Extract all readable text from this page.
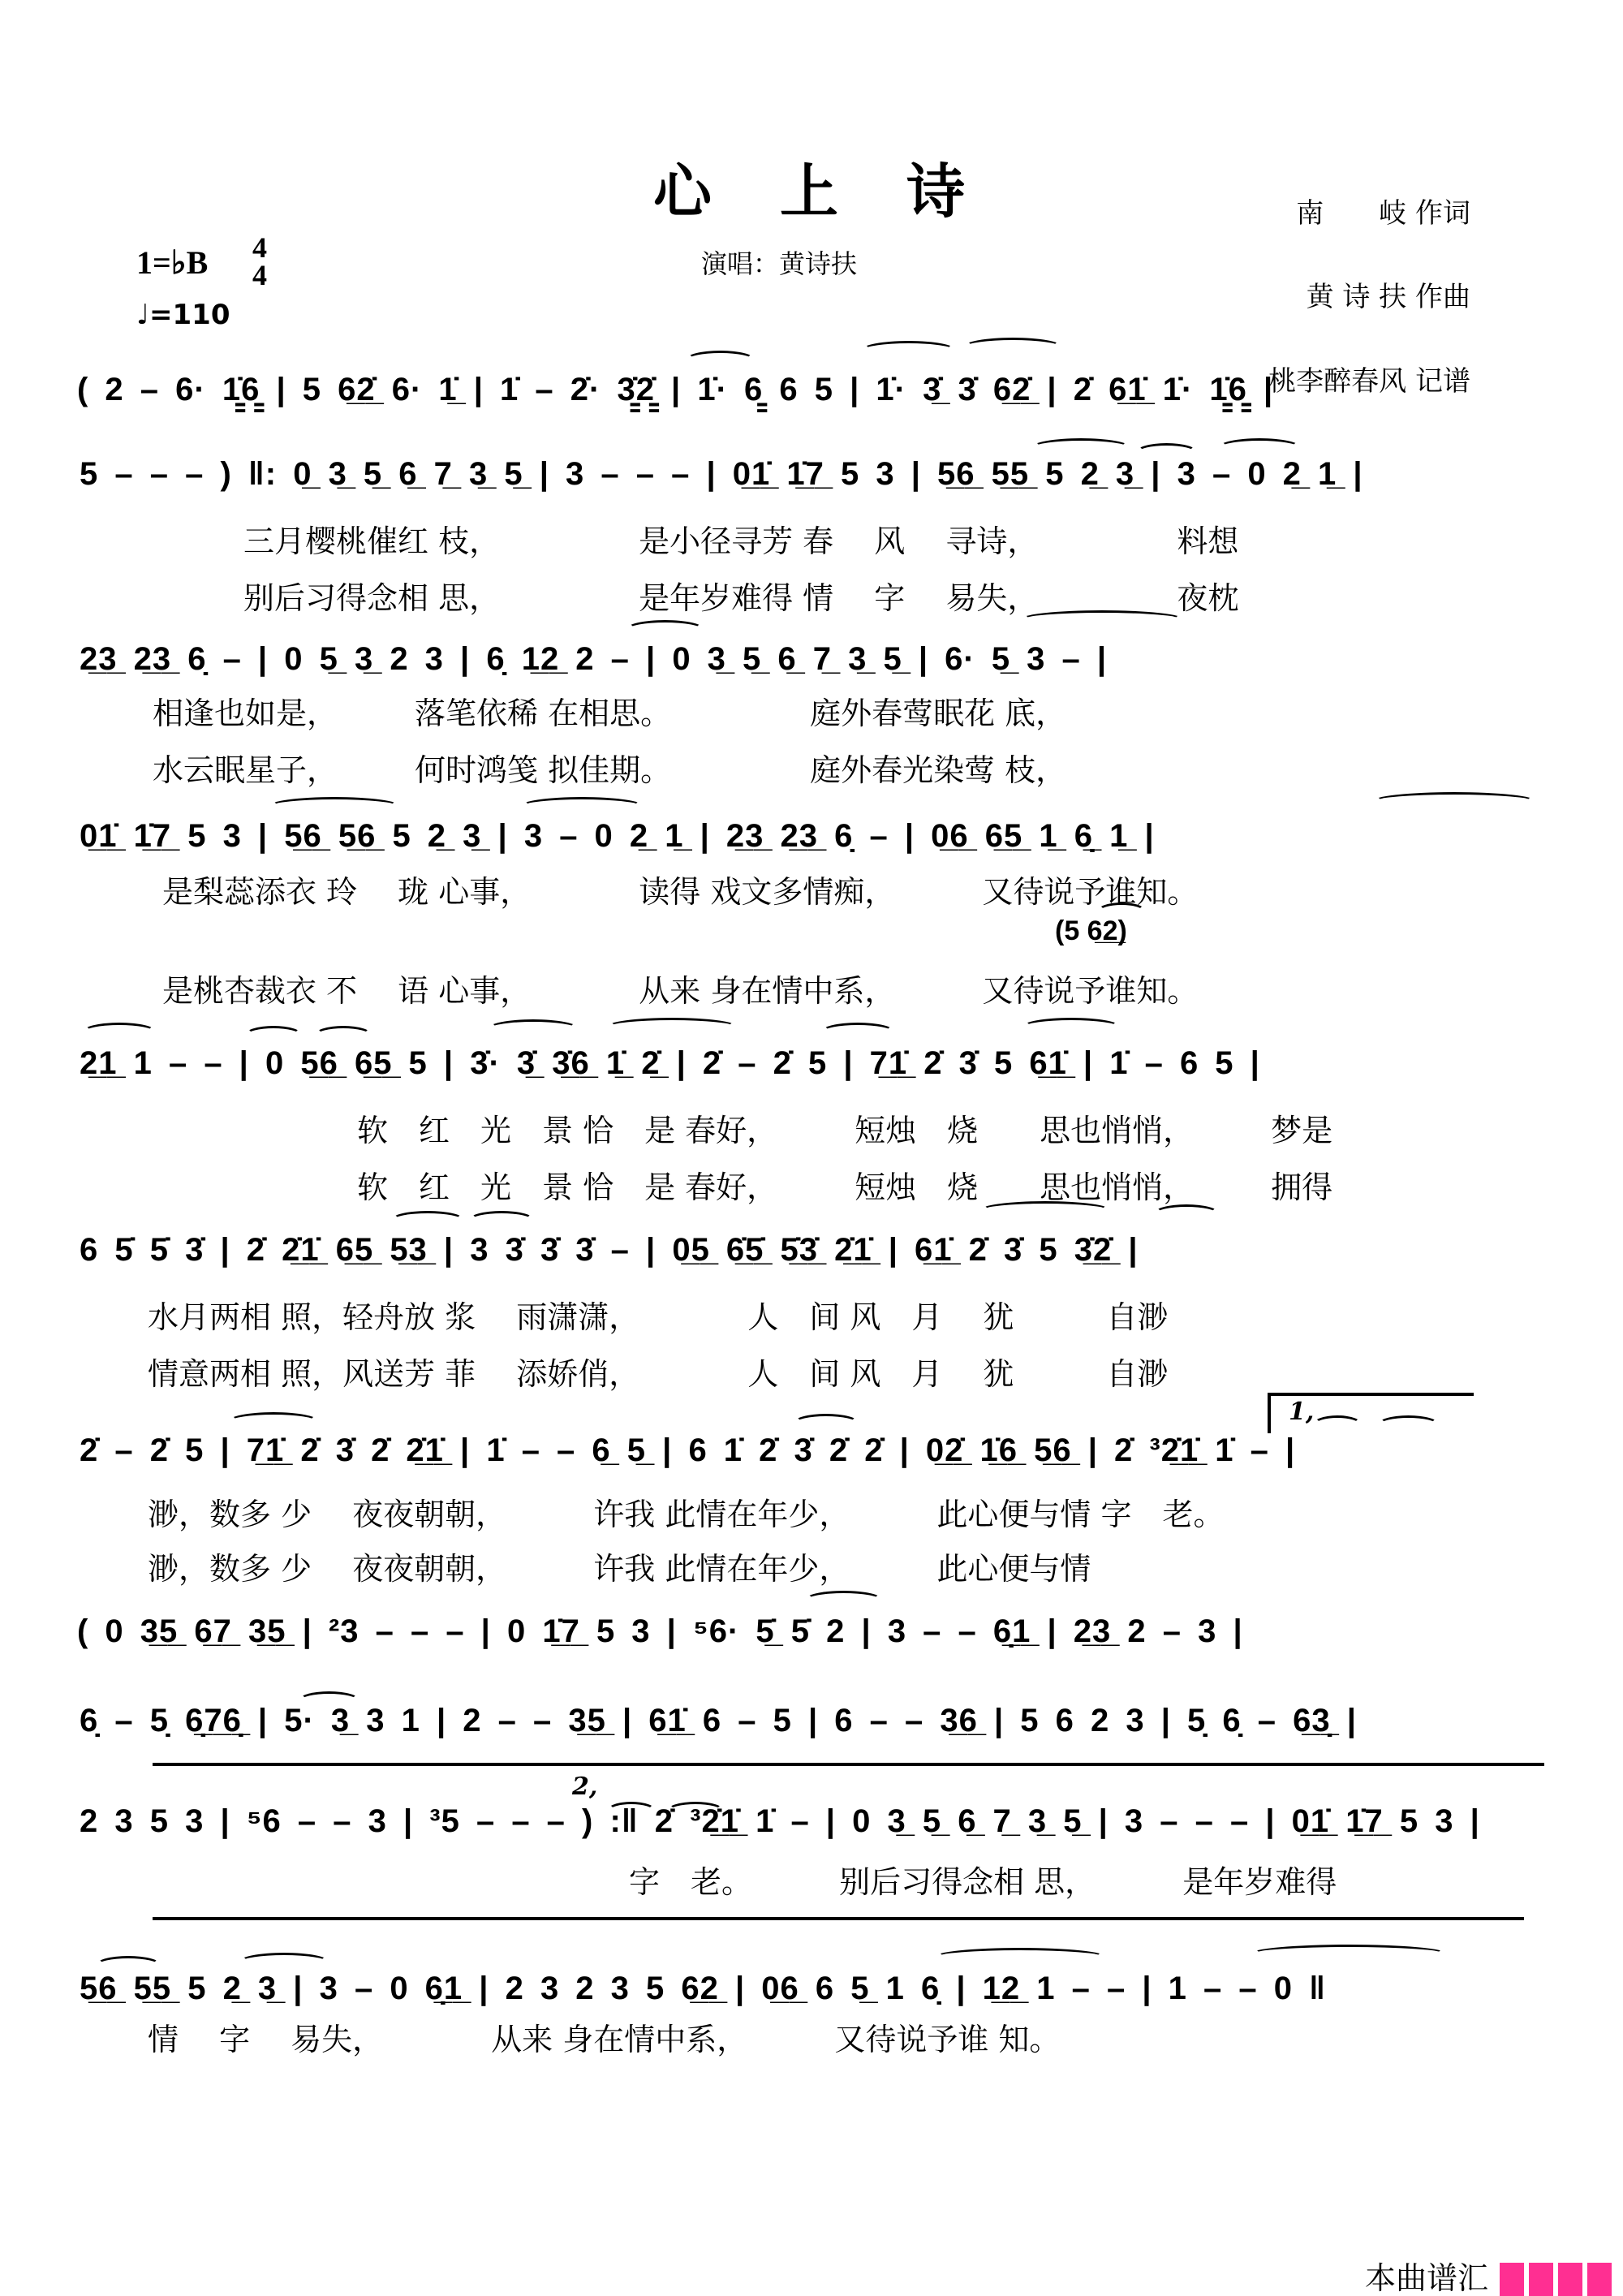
心　上　诗
演唱：黄诗扶
南　　岐 作词

黄 诗 扶 作曲

桃李醉春风 记谱
1=♭B	4
4
♩=110
( 2 – 6· 1̳̇6̳ | 5 6̲2̲̇ 6· 1̲̇ | 1̇ – 2̇· 3̳̇2̳̇ | 1̇· 6̳ 6 5 | 1̇· 3̲̇ 3̇ 6̲2̲̇ | 2̇ 6̲1̲̇ 1̇· 1̳̇6̳ |
5 – – – ) ‖: 0̲ 3̲ 5̲ 6̲ 7̲ 3̲ 5̲ | 3 – – – | 0̲1̲̇ 1̲̇7̲ 5 3 | 5̲6̲ 5̲5̲ 5 2̲ 3̲ | 3 – 0 2̲ 1̲ |
2̲3̲ 2̲3̲ 6̣ – | 0 5̲ 3̲ 2 3 | 6̣ 1̲2̲ 2 – | 0 3̲ 5̲ 6̲ 7̲ 3̲ 5̲ | 6· 5̲ 3 – |
0̲1̲̇ 1̲̇7̲ 5 3 | 5̲6̲ 5̲6̲ 5 2̲ 3̲ | 3 – 0 2̲ 1̲ | 2̲3̲ 2̲3̲ 6̣ – | 0̲6̲ 6̲5̲ 1̲ 6̣̲ 1̲ |
2̲1̲ 1 – – | 0 5̲6̲ 6̲5̲ 5 | 3̇· 3̲̇ 3̲̇6̲ 1̲̇ 2̲̇ | 2̇ – 2̇ 5 | 7̲1̲̇ 2̇ 3̇ 5 6̲1̲̇ | 1̇ – 6 5 |
6 5̇ 5̇ 3̇ | 2̇ 2̲̇1̲̇ 6̲5̲ 5̲3̲ | 3 3̇ 3̇ 3̇ – | 0̲5̲ 6̲̇5̲̇ 5̲̇3̲̇ 2̲̇1̲̇ | 6̲1̲̇ 2̇ 3̇ 5 3̲̇2̲̇ |
2̇ – 2̇ 5 | 7̲1̲̇ 2̇ 3̇ 2̇ 2̲̇1̲̇ | 1̇ – – 6̲ 5̲ | 6 1̇ 2̇ 3̇ 2̇ 2̇ | 0̲2̲̇ 1̲̇6̲ 5̲6̲ | 2̇ ³2̲̇1̲̇ 1̇ – |
( 0 3̲5̲ 6̲7̲ 3̲5̲ | ²3 – – – | 0 1̲̇7̲ 5 3 | ⁵6· 5̲̇ 5̇ 2 | 3 – – 6̣̲1̲ | 2̲3̲ 2 – 3 |
6̣ – 5̣ 6̣̲7̲6̣̲ | 5· 3̲ 3 1 | 2 – – 3̲5̲ | 6̲1̲̇ 6 – 5 | 6 – – 3̲6̲ | 5 6 2 3 | 5̣ 6̣ – 6̲3̣̲ |
2 3 5 3 | ⁵6 – – 3 | ³5 – – – ) :‖ 2̇ ³2̲̇1̲̇ 1̇ – | 0 3̲ 5̲ 6̲ 7̲ 3̲ 5̲ | 3 – – – | 0̲1̲̇ 1̲̇7̲ 5 3 |
5̲6̲ 5̲5̲ 5 2̲ 3̲ | 3 – 0 6̣̲1̲ | 2 3 2 3 5 6̲2̲ | 0̲6̲ 6 5̲ 1 6̣ | 1̲2̲ 1 – – | 1 – – 0 ‖
三月樱桃催红 枝，　　　　　是小径寻芳 春　 风　 寻诗，　　　　　料想
别后习得念相 思，　　　　　是年岁难得 情　 字　 易失，　　　　　夜枕
相逢也如是，　　　落笔依稀 在相思。　　　　　庭外春莺眠花 底，
水云眠星子，　　　何时鸿笺 拟佳期。　　　　　庭外春光染莺 枝，
是梨蕊添衣 玲　 珑 心事，　　　　读得 戏文多情痴，　　　 又待说予谁知。
(5 6̲2̲)
是桃杏裁衣 不　 语 心事，　　　　从来 身在情中系，　　　 又待说予谁知。
软　红　光　景 恰　是 春好，　　　短烛　烧　　思也悄悄，　　　梦是
软　红　光　景 恰　是 春好，　　　短烛　烧　　思也悄悄，　　　拥得
水月两相 照，轻舟放 浆　 雨潇潇，　　　　人　间 风　月　 犹　　　自渺
情意两相 照，风送芳 菲　 添娇俏，　　　　人　间 风　月　 犹　　　自渺
渺，数多 少　 夜夜朝朝，　　　 许我 此情在年少，　　　 此心便与情 字　老。
渺，数多 少　 夜夜朝朝，　　　 许我 此情在年少，　　　 此心便与情
字　老。　　　 别后习得念相 思，　　　 是年岁难得
情　 字　 易失，　　　　从来 身在情中系，　　　 又待说予谁 知。
1,
2,
本曲谱汇
